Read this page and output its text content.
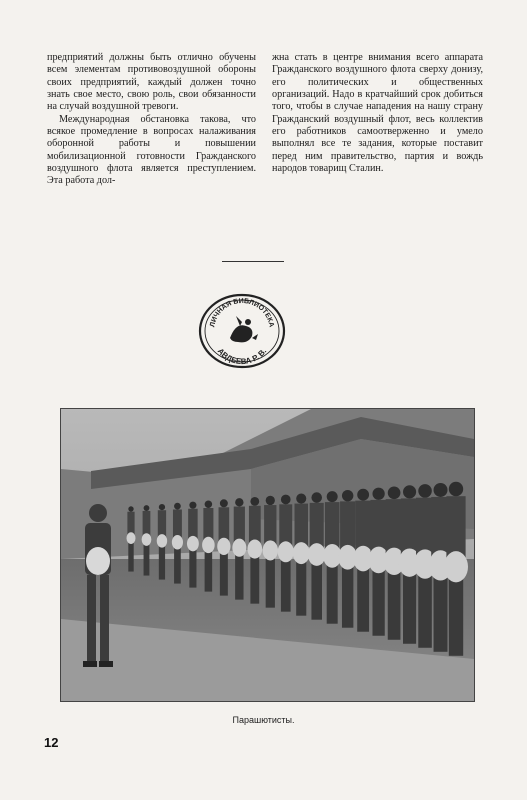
предприятий должны быть отлично обучены всем элементам противовоздушной обороны своих предприятий, каждый должен точно знать свое место, свою роль, свои обязанности на случай воздушной тревоги.

Международная обстановка такова, что всякое промедление в вопросах налаживания оборонной работы и повышении мобилизационной готовности Гражданского воздушного флота является преступлением. Эта работа дол-

жна стать в центре внимания всего аппарата Гражданского воздушного флота сверху донизу, его политических и общественных организаций. Надо в кратчайший срок добиться того, чтобы в случае нападения на нашу страну Гражданский воздушный флот, весь коллектив его работников самоотверженно и умело выполнял все те задания, которые поставит перед ним правительство, партия и вождь народов товарищ Сталин.

ЛИЧНАЯ БИБЛИОТЕКА
АВДЕЕВА Р. В.
Парашютисты.
12
